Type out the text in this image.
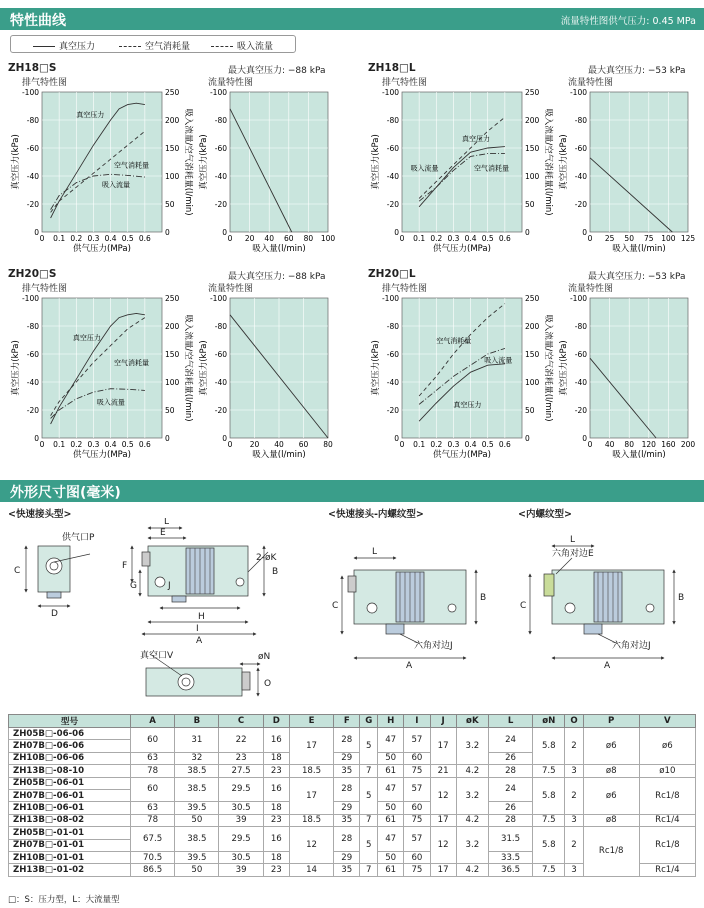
特性曲线	流量特性图供气压力: 0.45 MPa
真空压力	空气消耗量	吸入流量
ZH18□S	最大真空压力: −88 kPa
排气特性图	流量特性图
0 0.1 0.2 0.3 0.4 0.5 0.6
-100
-80
-60
-40
-20
0
250
200
150
100
50
0
供气压力(MPa)
真空压力(kPa)	吸入流量/空气消耗量(l/min)
真空压力
空气消耗量
吸入流量
0 20 40 60 80 100
-100
-80
-60
-40
-20
0
吸入量(l/min)
真空压力(kPa)
ZH18□L	最大真空压力: −53 kPa
排气特性图	流量特性图
0 0.1 0.2 0.3 0.4 0.5 0.6
-100
-80
-60
-40
-20
0
250
200
150
100
50
0
供气压力(MPa)
真空压力(kPa)	吸入流量/空气消耗量(l/min)
真空压力
空气消耗量
吸入流量
0 25 50 75 100 125
-100
-80
-60
-40
-20
0
吸入量(l/min)
真空压力(kPa)
ZH20□S	最大真空压力: −88 kPa
排气特性图	流量特性图
0 0.1 0.2 0.3 0.4 0.5 0.6
-100
-80
-60
-40
-20
0
250
200
150
100
50
0
供气压力(MPa)
真空压力(kPa)	吸入流量/空气消耗量(l/min)
真空压力
空气消耗量
吸入流量
0 20 40 60 80
-100
-80
-60
-40
-20
0
吸入量(l/min)
真空压力(kPa)
ZH20□L	最大真空压力: −53 kPa
排气特性图	流量特性图
0 0.1 0.2 0.3 0.4 0.5 0.6
-100
-80
-60
-40
-20
0
250
200
150
100
50
0
供气压力(MPa)
真空压力(kPa)	吸入流量/空气消耗量(l/min)
真空压力
空气消耗量
吸入流量
0 40 80 120 160 200
-100
-80
-60
-40
-20
0
吸入量(l/min)
真空压力(kPa)
外形尺寸图(毫米)
<快速接头型>	<快速接头-内螺纹型>	<内螺纹型>
供气口P
C
D
L
E
F
G	J
2-øK
B
H
I
A
真空口V	øN
O
L
C
B
A
六角对边J
L
六角对边E
C
B
A
六角对边J
型号	A	B	C	D	E	F	G	H	I	J	øK	L	øN	O	P	V
ZH05B□-06-06	60	31	22	16	17	28	5	47	57	17	3.2	24	5.8	2	ø6	ø6
ZH07B□-06-06																
ZH10B□-06-06	63	32	23	18		29		50	60			26				
ZH13B□-08-10	78	38.5	27.5	23	18.5	35	7	61	75	21	4.2	28	7.5	3	ø8	ø10
ZH05B□-06-01	60	38.5	29.5	16	17	28	5	47	57	12	3.2	24	5.8	2	ø6	Rc1/8
ZH07B□-06-01																
ZH10B□-06-01	63	39.5	30.5	18		29		50	60			26				
ZH13B□-08-02	78	50	39	23	18.5	35	7	61	75	17	4.2	28	7.5	3	ø8	Rc1/4
ZH05B□-01-01	67.5	38.5	29.5	16	12	28	5	47	57	12	3.2	31.5	5.8	2	Rc1/8	Rc1/8
ZH07B□-01-01																
ZH10B□-01-01	70.5	39.5	30.5	18		29		50	60			33.5				
ZH13B□-01-02	86.5	50	39	23	14	35	7	61	75	17	4.2	36.5	7.5	3		Rc1/4
□：S：压力型，L：大流量型
